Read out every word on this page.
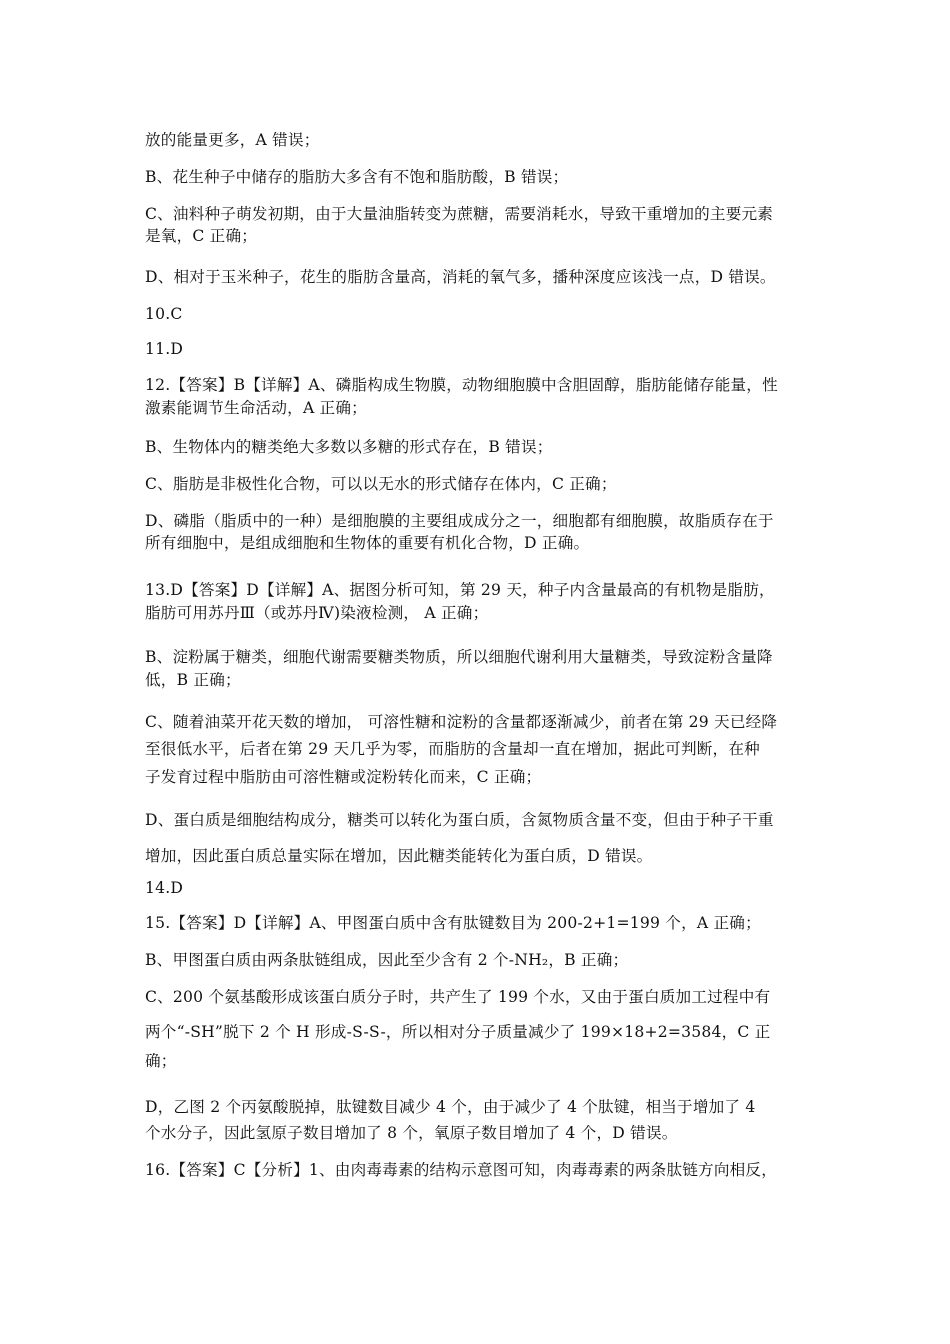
放的能量更多，A 错误；
B、花生种子中储存的脂肪大多含有不饱和脂肪酸，B 错误；
C、油料种子萌发初期，由于大量油脂转变为蔗糖，需要消耗水，导致干重增加的主要元素
是氧，C 正确；
D、相对于玉米种子，花生的脂肪含量高，消耗的氧气多，播种深度应该浅一点，D 错误。
10.C
11.D
12.【答案】B【详解】A、磷脂构成生物膜，动物细胞膜中含胆固醇，脂肪能储存能量，性
激素能调节生命活动，A 正确；
B、生物体内的糖类绝大多数以多糖的形式存在，B 错误；
C、脂肪是非极性化合物，可以以无水的形式储存在体内，C 正确；
D、磷脂（脂质中的一种）是细胞膜的主要组成成分之一，细胞都有细胞膜，故脂质存在于
所有细胞中，是组成细胞和生物体的重要有机化合物，D 正确。
13.D【答案】D【详解】A、据图分析可知，第 29 天，种子内含量最高的有机物是脂肪，
脂肪可用苏丹Ⅲ（或苏丹Ⅳ)染液检测， A 正确；
B、淀粉属于糖类，细胞代谢需要糖类物质，所以细胞代谢利用大量糖类，导致淀粉含量降
低，B 正确；
C、随着油菜开花天数的增加， 可溶性糖和淀粉的含量都逐渐减少，前者在第 29 天已经降
至很低水平，后者在第 29 天几乎为零，而脂肪的含量却一直在增加，据此可判断，在种
子发育过程中脂肪由可溶性糖或淀粉转化而来，C 正确；
D、蛋白质是细胞结构成分，糖类可以转化为蛋白质，含氮物质含量不变，但由于种子干重
增加，因此蛋白质总量实际在增加，因此糖类能转化为蛋白质，D 错误。
14.D
15.【答案】D【详解】A、甲图蛋白质中含有肽键数目为 200-2+1=199 个，A 正确；
B、甲图蛋白质由两条肽链组成，因此至少含有 2 个-NH₂，B 正确；
C、200 个氨基酸形成该蛋白质分子时，共产生了 199 个水，又由于蛋白质加工过程中有
两个“-SH”脱下 2 个 H 形成-S-S-，所以相对分子质量减少了 199×18+2=3584，C 正
确；
D，乙图 2 个丙氨酸脱掉，肽键数目减少 4 个，由于减少了 4 个肽键，相当于增加了 4
个水分子，因此氢原子数目增加了 8 个，氧原子数目增加了 4 个，D 错误。
16.【答案】C【分析】1、由肉毒毒素的结构示意图可知，肉毒毒素的两条肽链方向相反，
